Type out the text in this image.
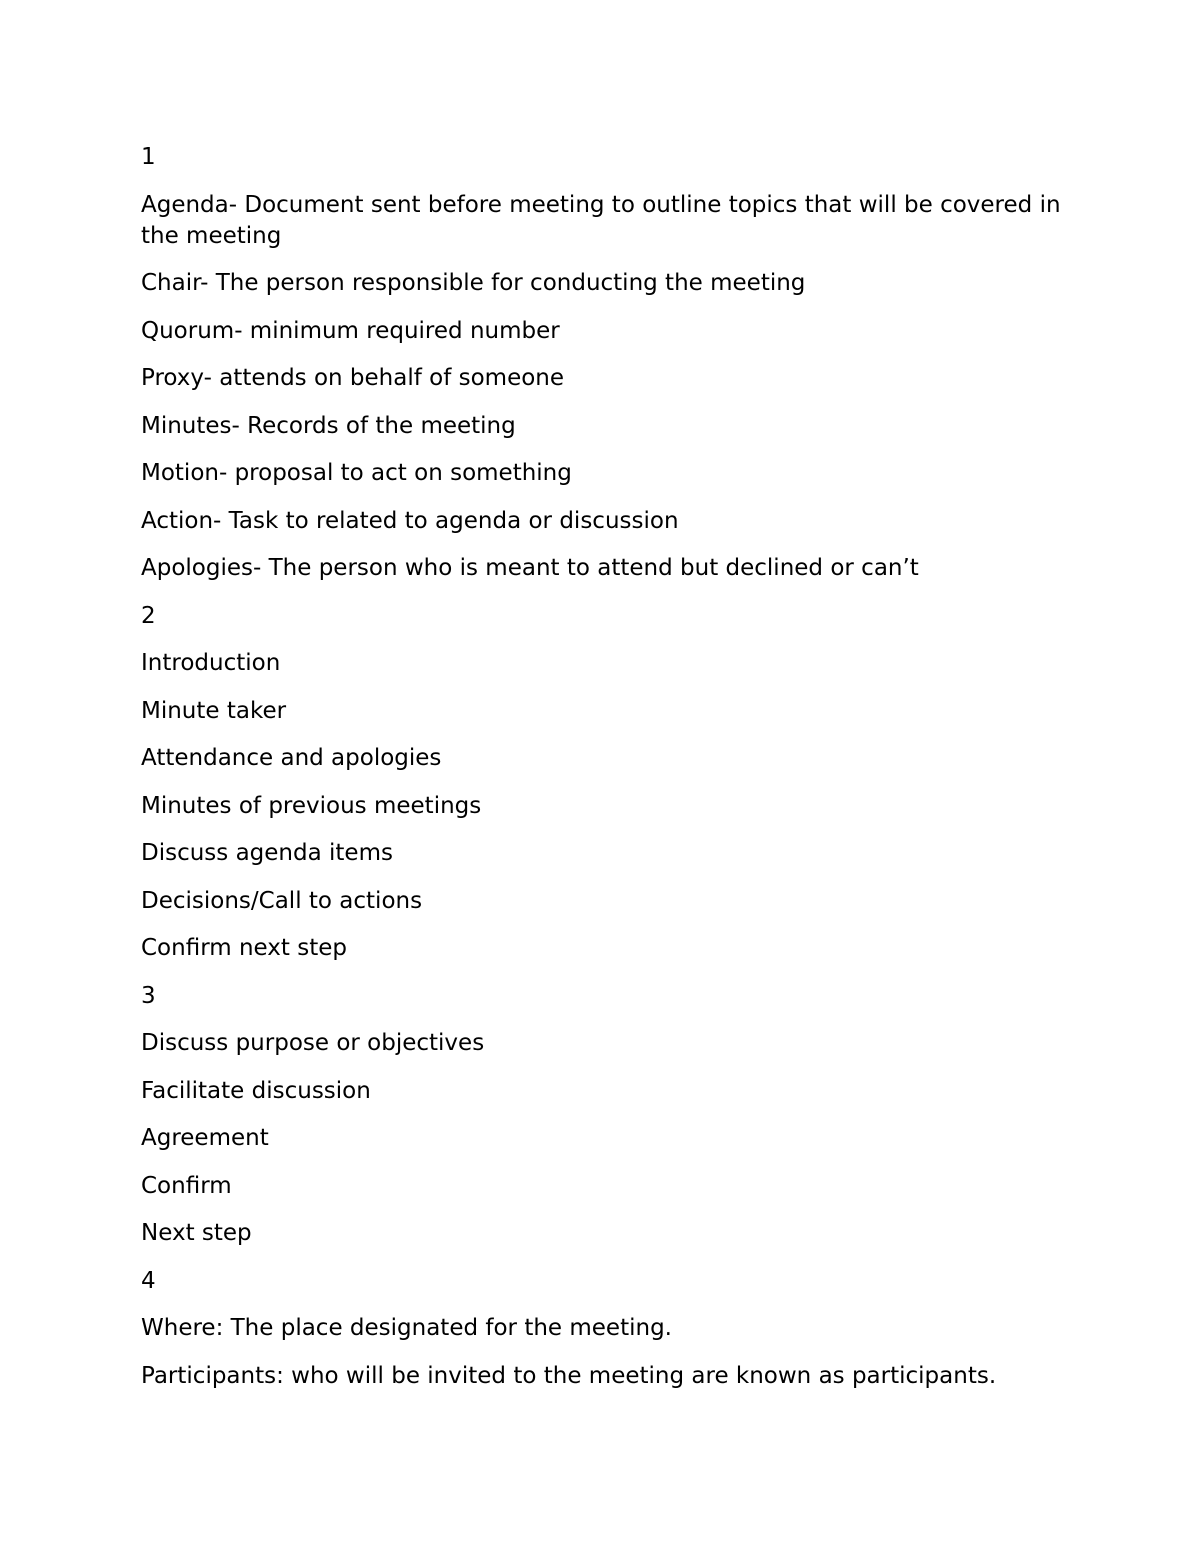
1

Agenda- Document sent before meeting to outline topics that will be covered in the meeting

Chair- The person responsible for conducting the meeting

Quorum- minimum required number

Proxy- attends on behalf of someone

Minutes- Records of the meeting

Motion- proposal to act on something

Action- Task to related to agenda or discussion

Apologies- The person who is meant to attend but declined or can’t

2

Introduction

Minute taker

Attendance and apologies

Minutes of previous meetings

Discuss agenda items

Decisions/Call to actions

Confirm next step

3

Discuss purpose or objectives

Facilitate discussion

Agreement

Confirm

Next step

4

Where: The place designated for the meeting.

Participants: who will be invited to the meeting are known as participants.
